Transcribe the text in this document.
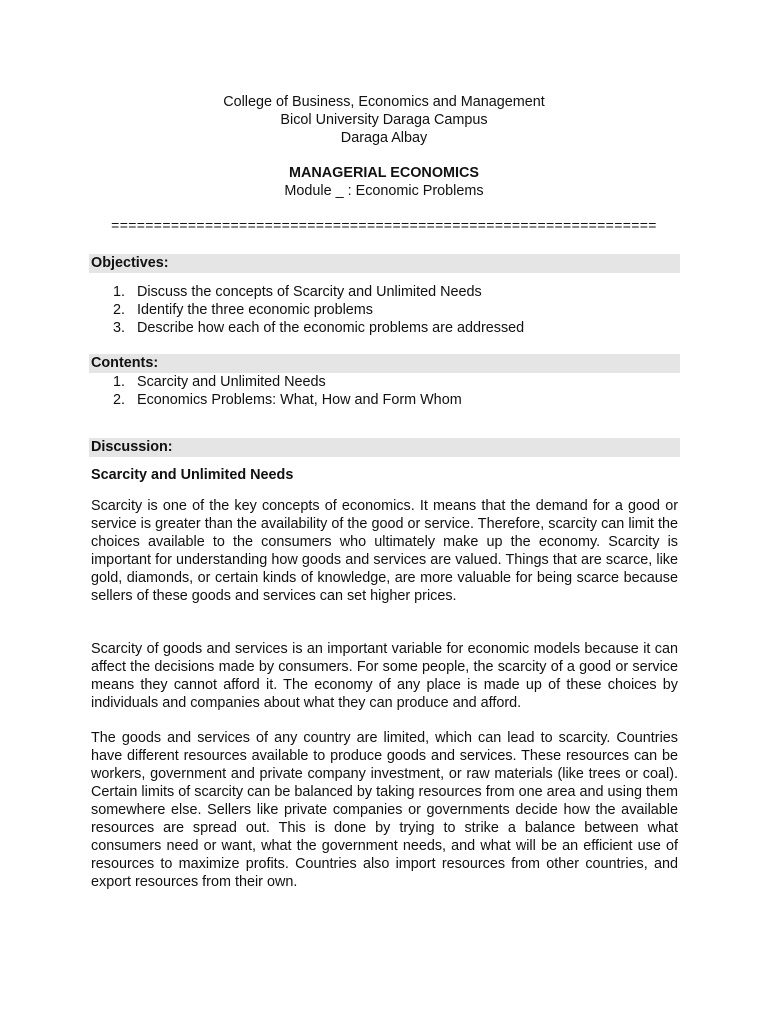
College of Business, Economics and Management
Bicol University Daraga Campus
Daraga Albay
MANAGERIAL ECONOMICS
Module _ : Economic Problems
================================================================
Objectives:
1. Discuss the concepts of Scarcity and Unlimited Needs
2. Identify the three economic problems
3. Describe how each of the economic problems are addressed
Contents:
1. Scarcity and Unlimited Needs
2. Economics Problems: What, How and Form Whom
Discussion:
Scarcity and Unlimited Needs
Scarcity is one of the key concepts of economics. It means that the demand for a good or service is greater than the availability of the good or service. Therefore, scarcity can limit the choices available to the consumers who ultimately make up the economy. Scarcity is important for understanding how goods and services are valued. Things that are scarce, like gold, diamonds, or certain kinds of knowledge, are more valuable for being scarce because sellers of these goods and services can set higher prices.
Scarcity of goods and services is an important variable for economic models because it can affect the decisions made by consumers. For some people, the scarcity of a good or service means they cannot afford it. The economy of any place is made up of these choices by individuals and companies about what they can produce and afford.
The goods and services of any country are limited, which can lead to scarcity. Countries have different resources available to produce goods and services. These resources can be workers, government and private company investment, or raw materials (like trees or coal). Certain limits of scarcity can be balanced by taking resources from one area and using them somewhere else. Sellers like private companies or governments decide how the available resources are spread out. This is done by trying to strike a balance between what consumers need or want, what the government needs, and what will be an efficient use of resources to maximize profits. Countries also import resources from other countries, and export resources from their own.
